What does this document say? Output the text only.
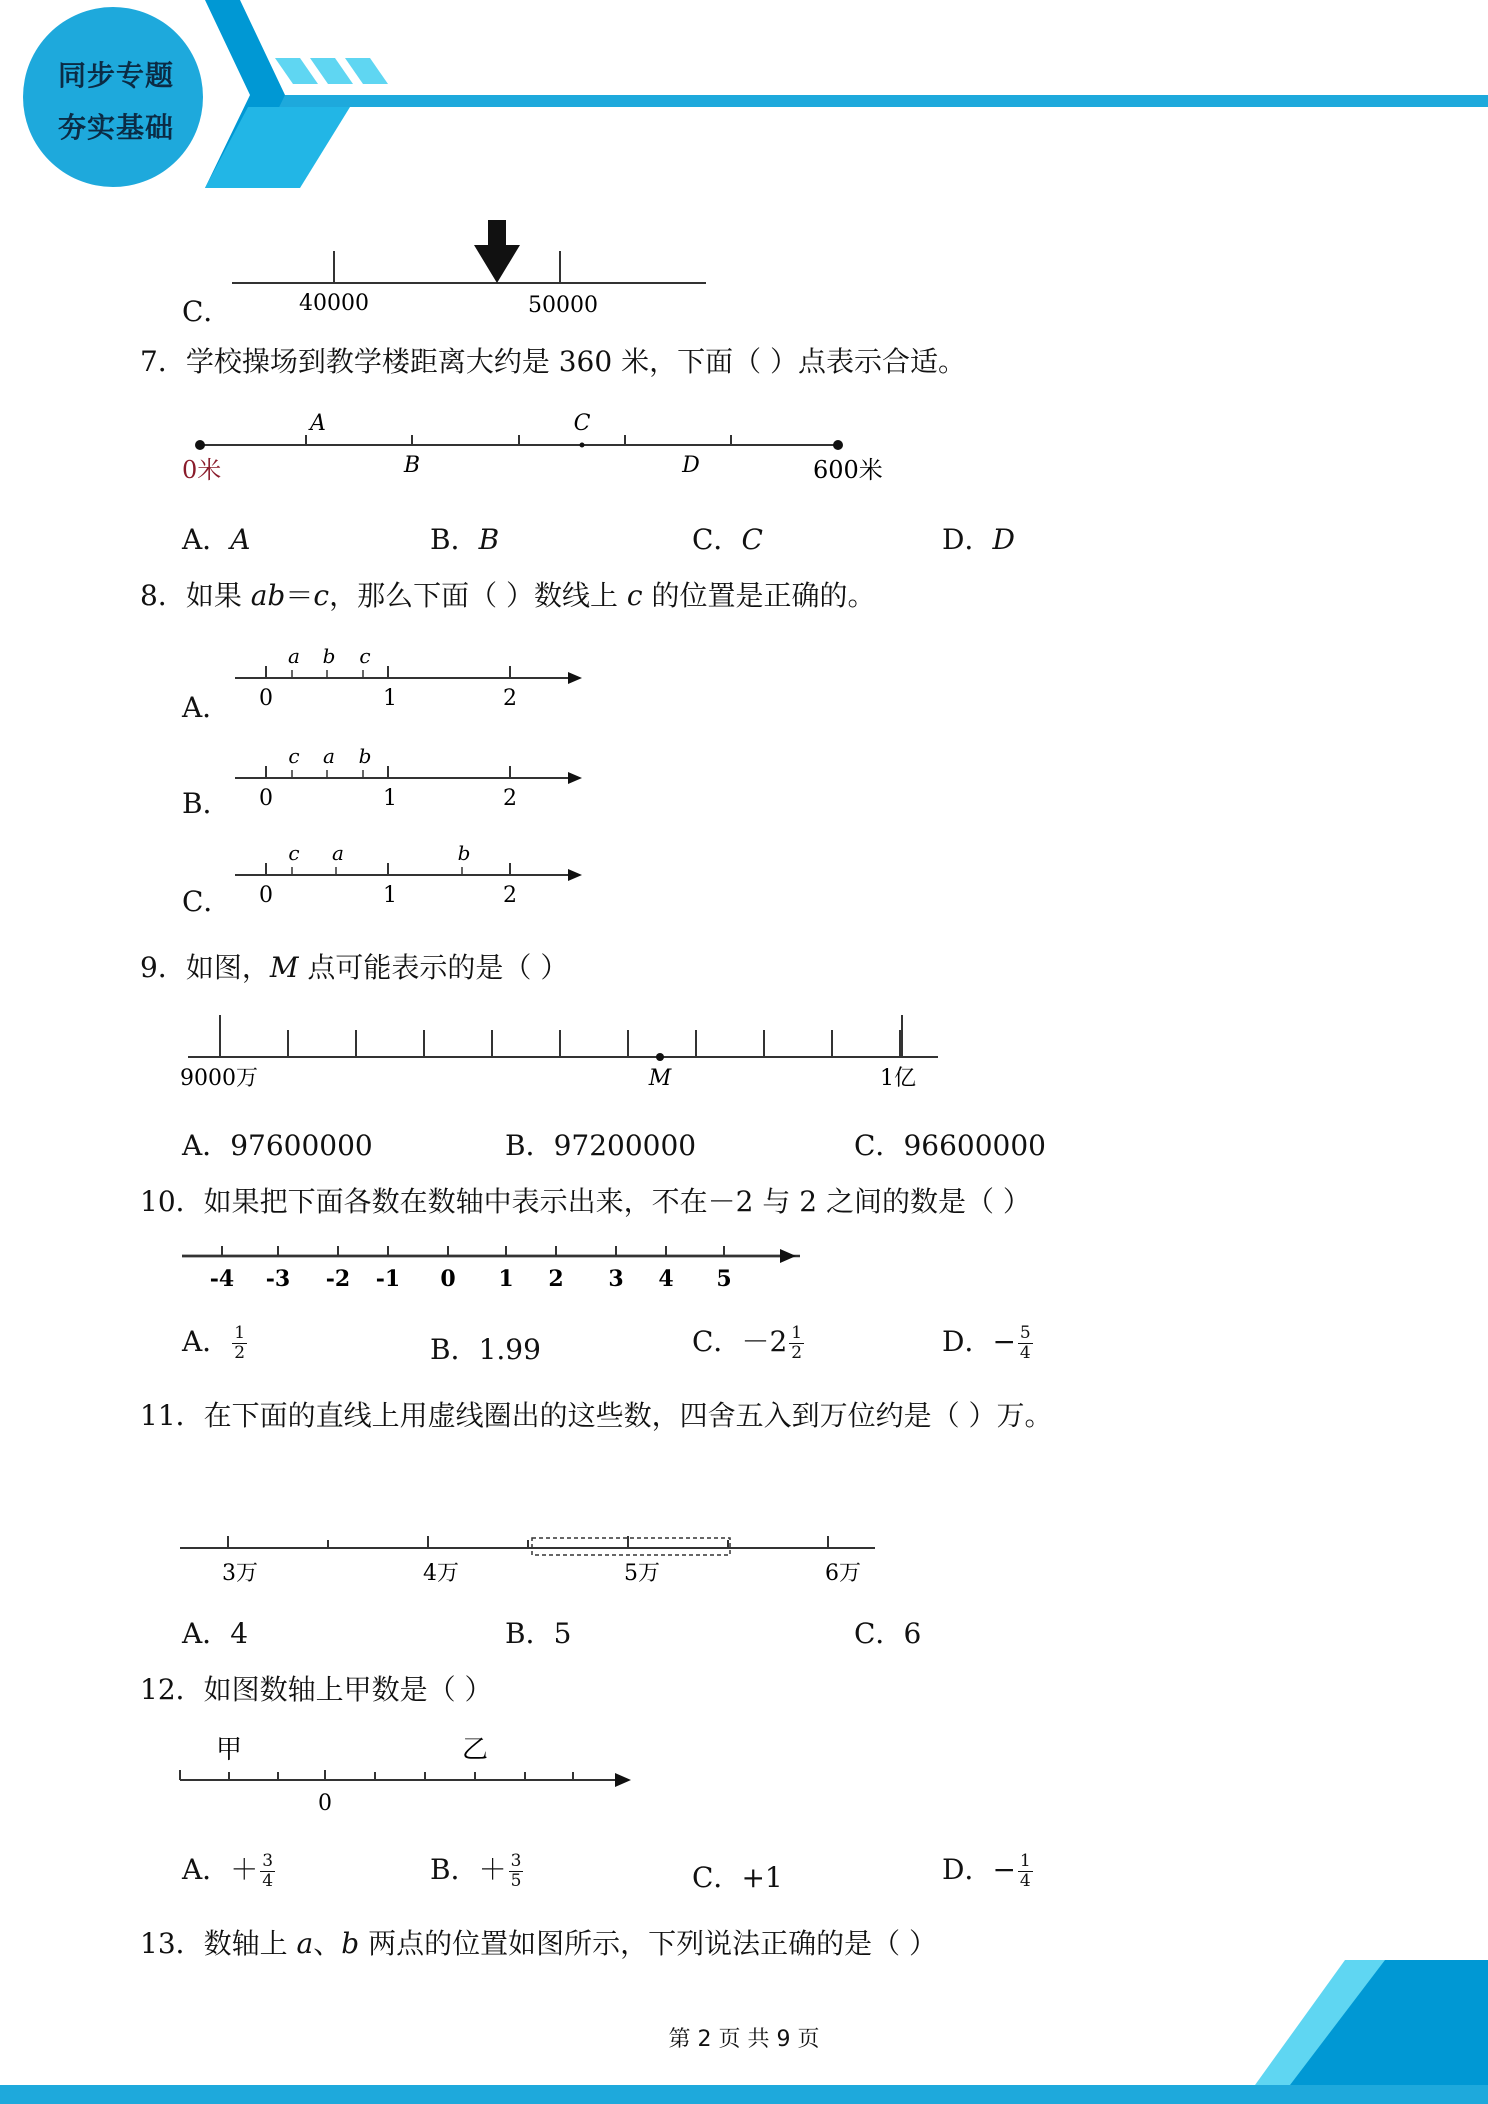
同步专题
夯实基础
C．	40000	50000
7．学校操场到教学楼距离大约是 360 米，下面（ ）点表示合适。
A	C
B	D
0米	600米
A．A	B．B	C．C	D．D
8．如果 ab＝c，那么下面（ ）数线上 c 的位置是正确的。
A．
a b c
0	1	2
B．
c a b
0	1	2
C．
c a	b
0	1	2
9．如图，M 点可能表示的是（ ）
9000万	M	1亿
A．97600000	B．97200000	C．96600000
10．如果把下面各数在数轴中表示出来，不在－2 与 2 之间的数是（ ）
-4 -3 -2 -1 0 1 2 3 4 5
A． $\frac{1}{2}$	B．1.99	C．$-2 \frac{1}{2}$	D．− $\frac{5}{4}$
11．在下面的直线上用虚线圈出的这些数，四舍五入到万位约是（ ）万。
3万	4万	5万	6万
A．4	B．5	C．6
12．如图数轴上甲数是（ ）
甲	乙
0
A．＋ $\frac{3}{4}$	B．＋ $\frac{3}{5}$	C．+1	D．− $\frac{1}{4}$
13．数轴上 a、b 两点的位置如图所示，下列说法正确的是（ ）
第 2 页 共 9 页
